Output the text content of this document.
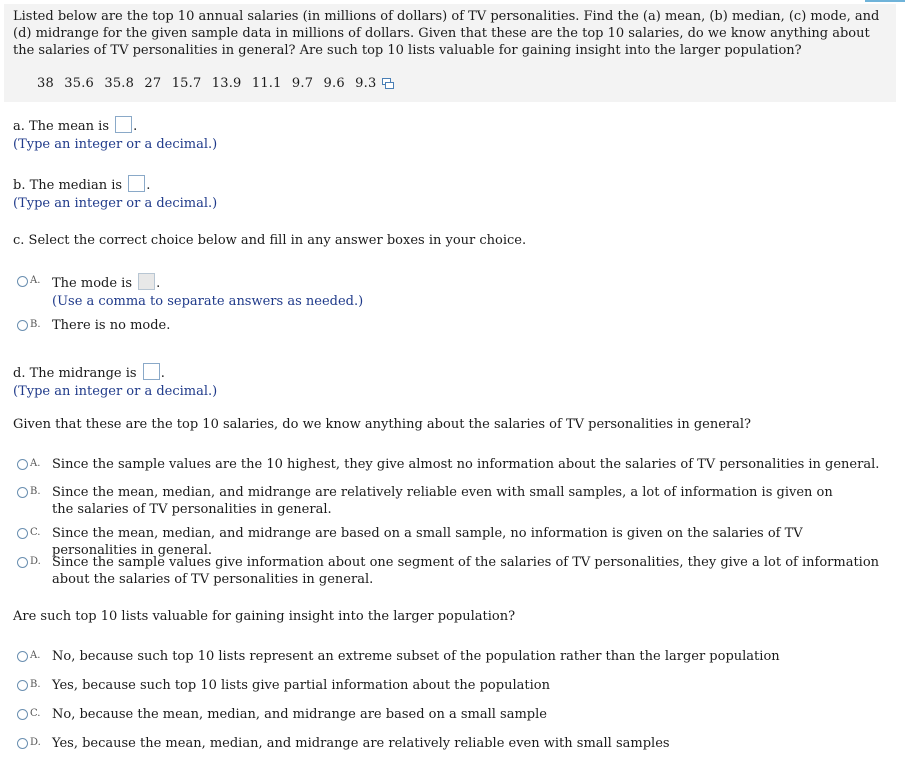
Listed below are the top 10 annual salaries (in millions of dollars) of TV personalities. Find the (a) mean, (b) median, (c) mode, and (d) midrange for the given sample data in millions of dollars. Given that these are the top 10 salaries, do we know anything about the salaries of TV personalities in general? Are such top 10 lists valuable for gaining insight into the larger population?
38 35.6 35.8 27 15.7 13.9 11.1 9.7 9.6 9.3
a. The mean is .
(Type an integer or a decimal.)
b. The median is .
(Type an integer or a decimal.)
c. Select the correct choice below and fill in any answer boxes in your choice.
A. The mode is .
(Use a comma to separate answers as needed.)
B. There is no mode.
d. The midrange is .
(Type an integer or a decimal.)
Given that these are the top 10 salaries, do we know anything about the salaries of TV personalities in general?
A. Since the sample values are the 10 highest, they give almost no information about the salaries of TV personalities in general.
B. Since the mean, median, and midrange are relatively reliable even with small samples, a lot of information is given on the salaries of TV personalities in general.
C. Since the mean, median, and midrange are based on a small sample, no information is given on the salaries of TV personalities in general.
D. Since the sample values give information about one segment of the salaries of TV personalities, they give a lot of information about the salaries of TV personalities in general.
Are such top 10 lists valuable for gaining insight into the larger population?
A. No, because such top 10 lists represent an extreme subset of the population rather than the larger population
B. Yes, because such top 10 lists give partial information about the population
C. No, because the mean, median, and midrange are based on a small sample
D. Yes, because the mean, median, and midrange are relatively reliable even with small samples
